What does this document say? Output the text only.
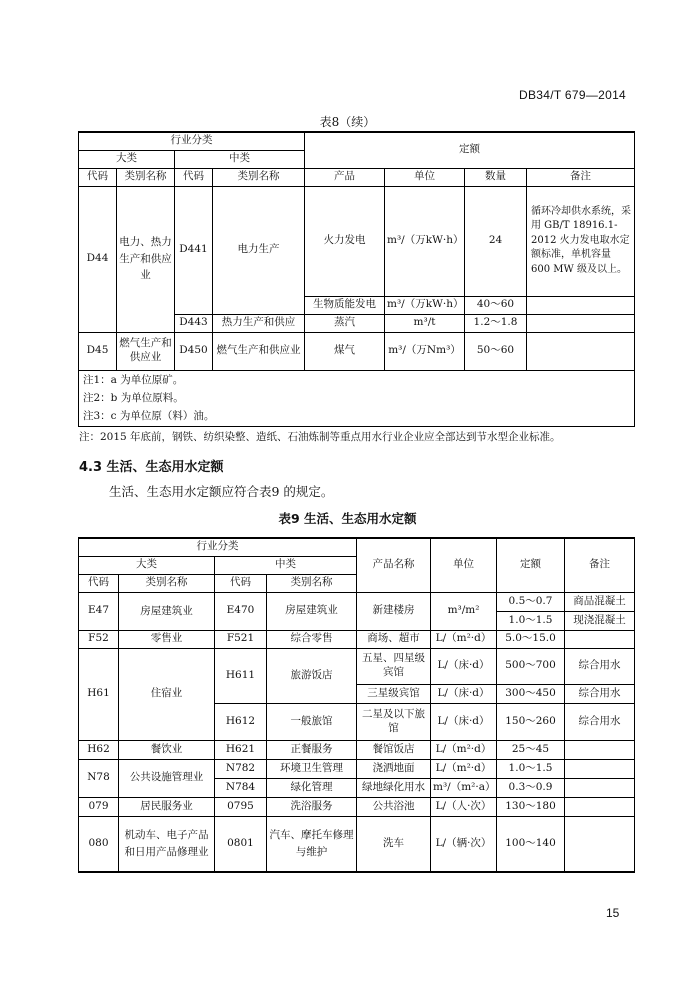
DB34/T 679—2014
表8（续）
行业分类				定额			
大类		中类					
代码	类别名称	代码	类别名称	产品	单位	数量	备注
D44	电力、热力生产和供应业	D441	电力生产	火力发电	m³/（万kW·h）	24	循环冷却供水系统，采用 GB/T 18916.1-2012 火力发电取水定额标准，单机容量 600 MW 级及以上。
				生物质能发电	m³/（万kW·h）	40～60	
		D443	热力生产和供应	蒸汽	m³/t	1.2～1.8	
D45	燃气生产和供应业	D450	燃气生产和供应业	煤气	m³/（万Nm³）	50～60	

注1：a 为单位原矿。
注2：b 为单位原料。
注3：c 为单位原（料）油。							
注：2015 年底前，钢铁、纺织染整、造纸、石油炼制等重点用水行业企业应全部达到节水型企业标准。
4.3 生活、生态用水定额
生活、生态用水定额应符合表9 的规定。
表9 生活、生态用水定额
行业分类				产品名称	单位	定额	备注
大类		中类					
代码	类别名称	代码	类别名称				
E47	房屋建筑业	E470	房屋建筑业	新建楼房	m³/m²	0.5～0.7	商品混凝土
						1.0～1.5	现浇混凝土
F52	零售业	F521	综合零售	商场、超市	L/（m²·d）	5.0～15.0	
H61	住宿业	H611	旅游饭店	五星、四星级宾馆	L/（床·d）	500～700	综合用水
				三星级宾馆	L/（床·d）	300～450	综合用水
		H612	一般旅馆	二星及以下旅馆	L/（床·d）	150～260	综合用水
H62	餐饮业	H621	正餐服务	餐馆饭店	L/（m²·d）	25～45	
N78	公共设施管理业	N782	环境卫生管理	浇洒地面	L/（m²·d）	1.0～1.5	
		N784	绿化管理	绿地绿化用水	m³/（m²·a）	0.3～0.9	
079	居民服务业	0795	洗浴服务	公共浴池	L/（人·次）	130～180	
080	机动车、电子产品和日用产品修理业	0801	汽车、摩托车修理与维护	洗车	L/（辆·次）	100～140	
15
